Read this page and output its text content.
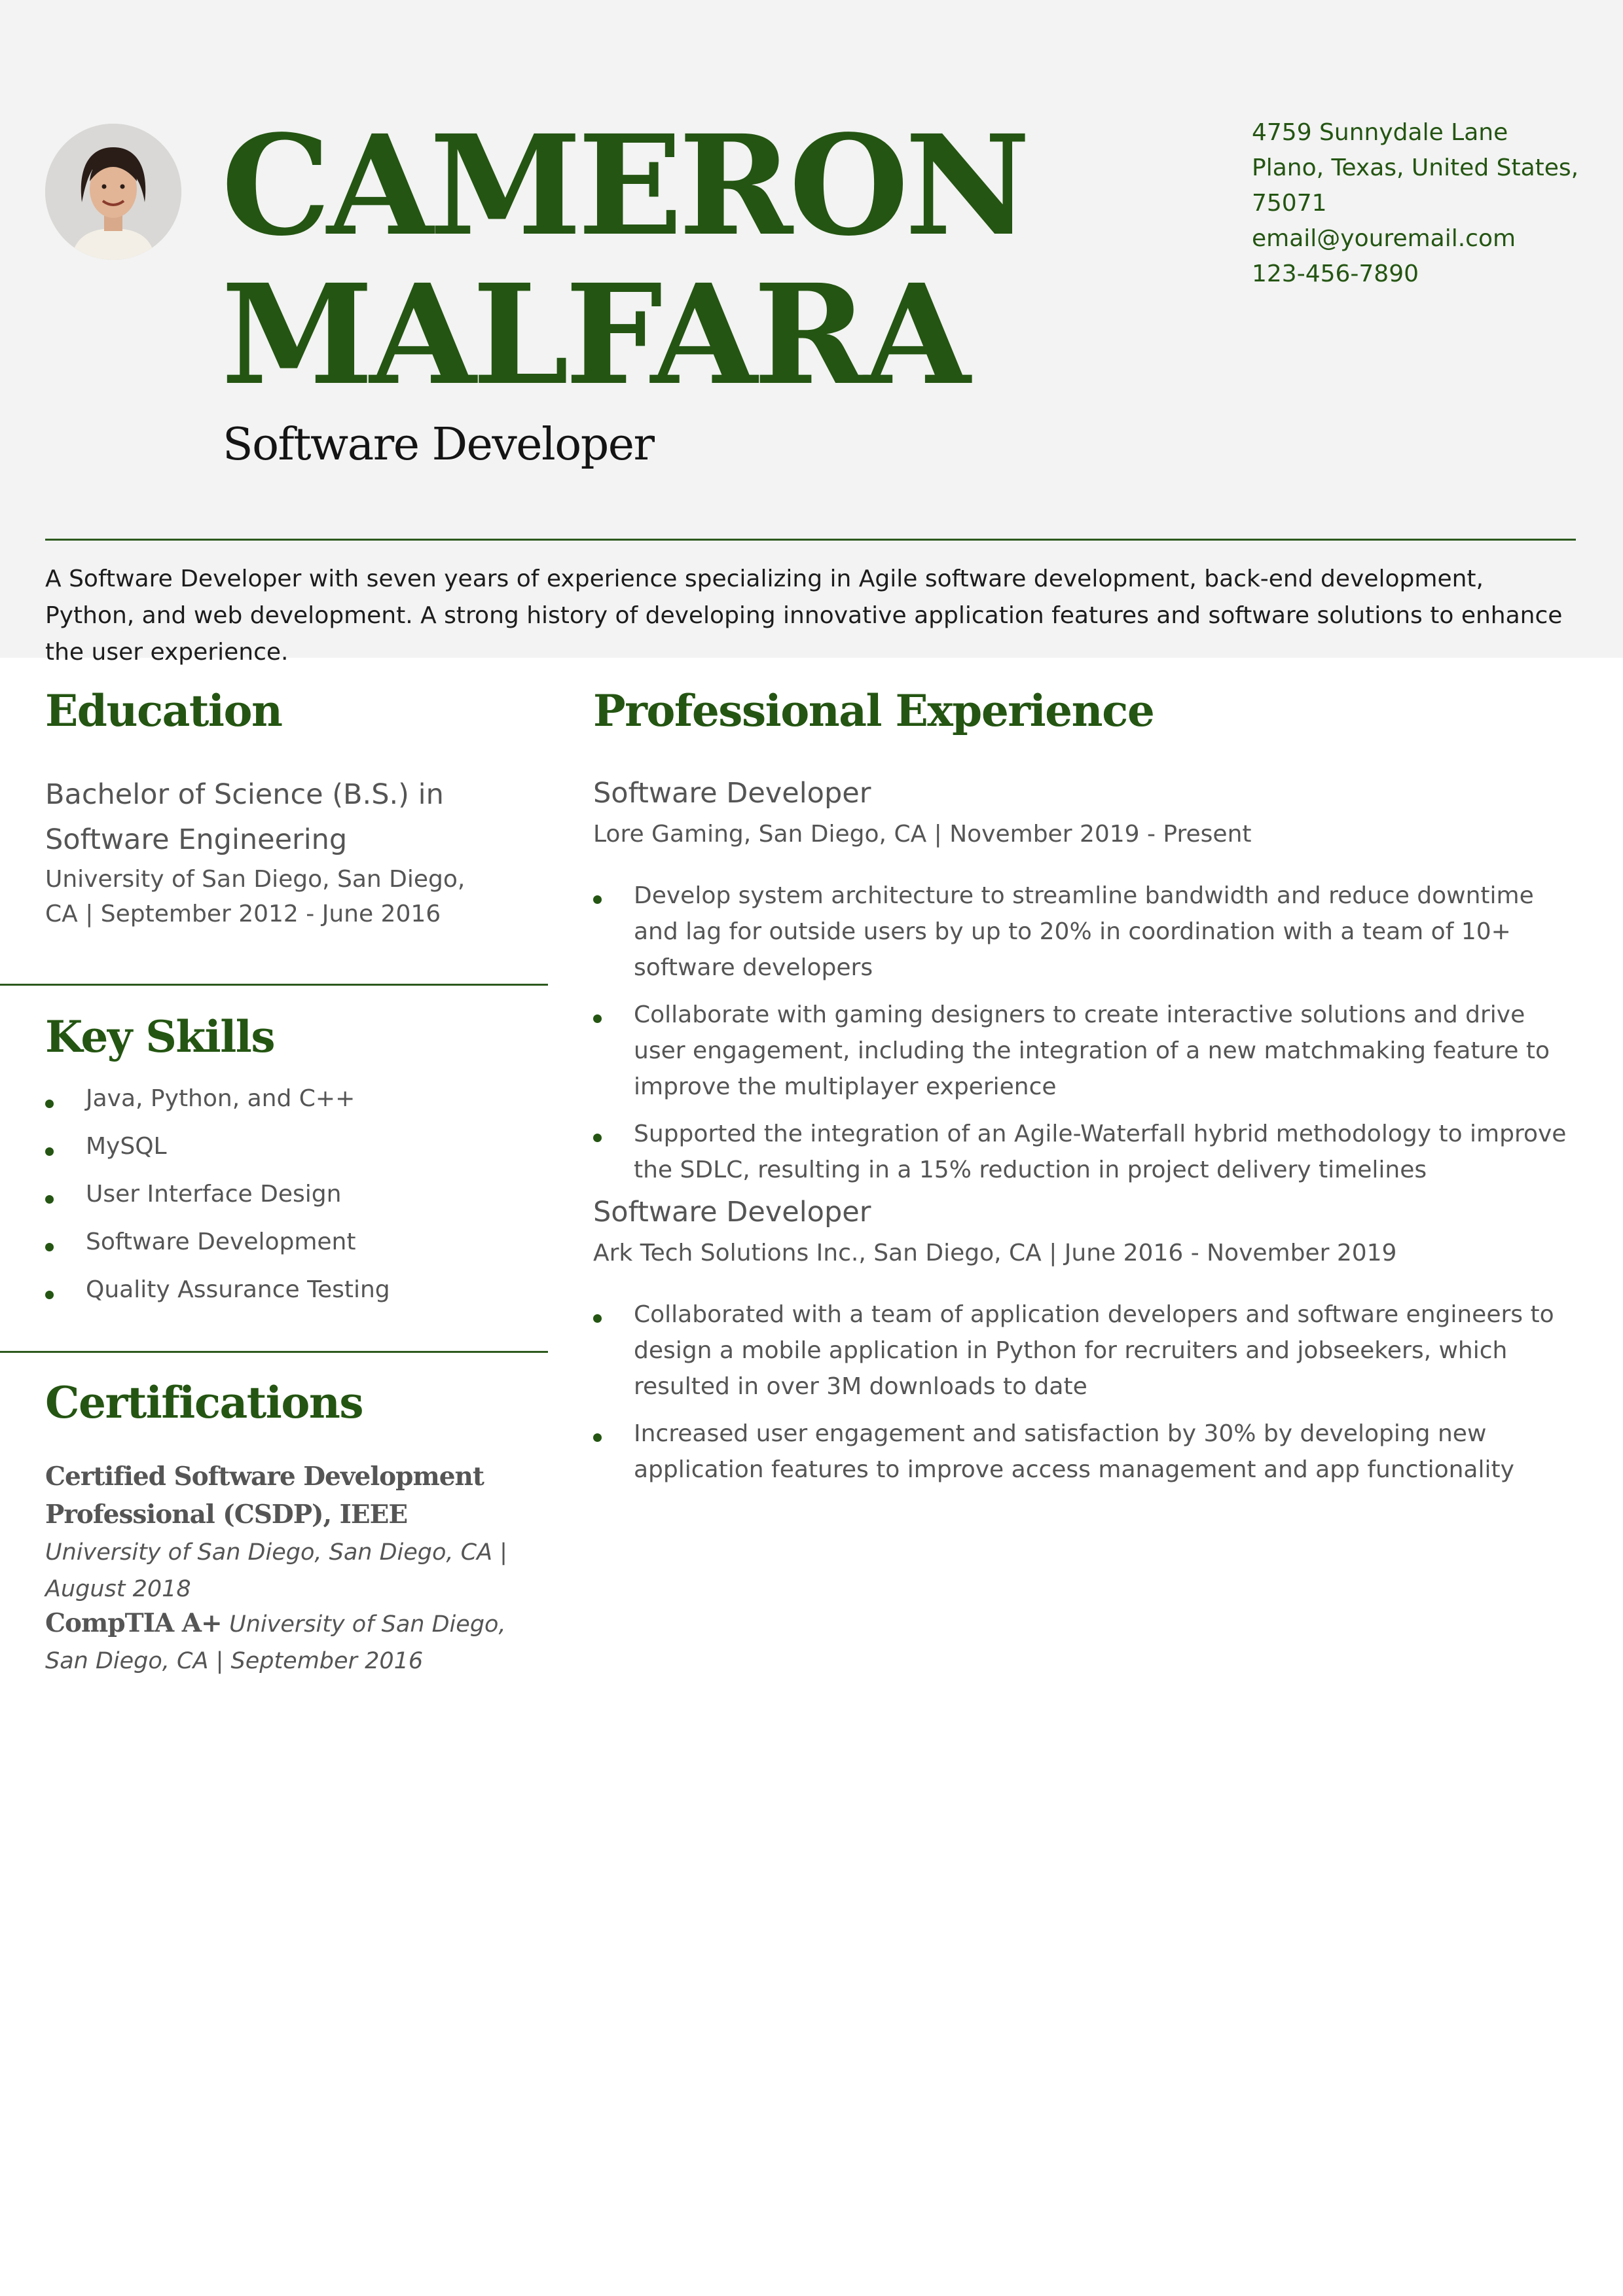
CAMERON
MALFARA
Software Developer
4759 Sunnydale Lane
Plano, Texas, United States,
75071
email@youremail.com
123-456-7890
A Software Developer with seven years of experience specializing in Agile software development, back-end development, Python, and web development. A strong history of developing innovative application features and software solutions to enhance the user experience.
Education
Bachelor of Science (B.S.) in Software Engineering
University of San Diego, San Diego, CA | September 2012 - June 2016
Key Skills
Java, Python, and C++
MySQL
User Interface Design
Software Development
Quality Assurance Testing
Certifications
Certified Software Development Professional (CSDP), IEEE University of San Diego, San Diego, CA | August 2018
CompTIA A+ University of San Diego, San Diego, CA | September 2016
Professional Experience
Software Developer
Lore Gaming, San Diego, CA | November 2019 - Present
Develop system architecture to streamline bandwidth and reduce downtime and lag for outside users by up to 20% in coordination with a team of 10+ software developers
Collaborate with gaming designers to create interactive solutions and drive user engagement, including the integration of a new matchmaking feature to improve the multiplayer experience
Supported the integration of an Agile-Waterfall hybrid methodology to improve the SDLC, resulting in a 15% reduction in project delivery timelines
Software Developer
Ark Tech Solutions Inc., San Diego, CA | June 2016 - November 2019
Collaborated with a team of application developers and software engineers to design a mobile application in Python for recruiters and jobseekers, which resulted in over 3M downloads to date
Increased user engagement and satisfaction by 30% by developing new application features to improve access management and app functionality
